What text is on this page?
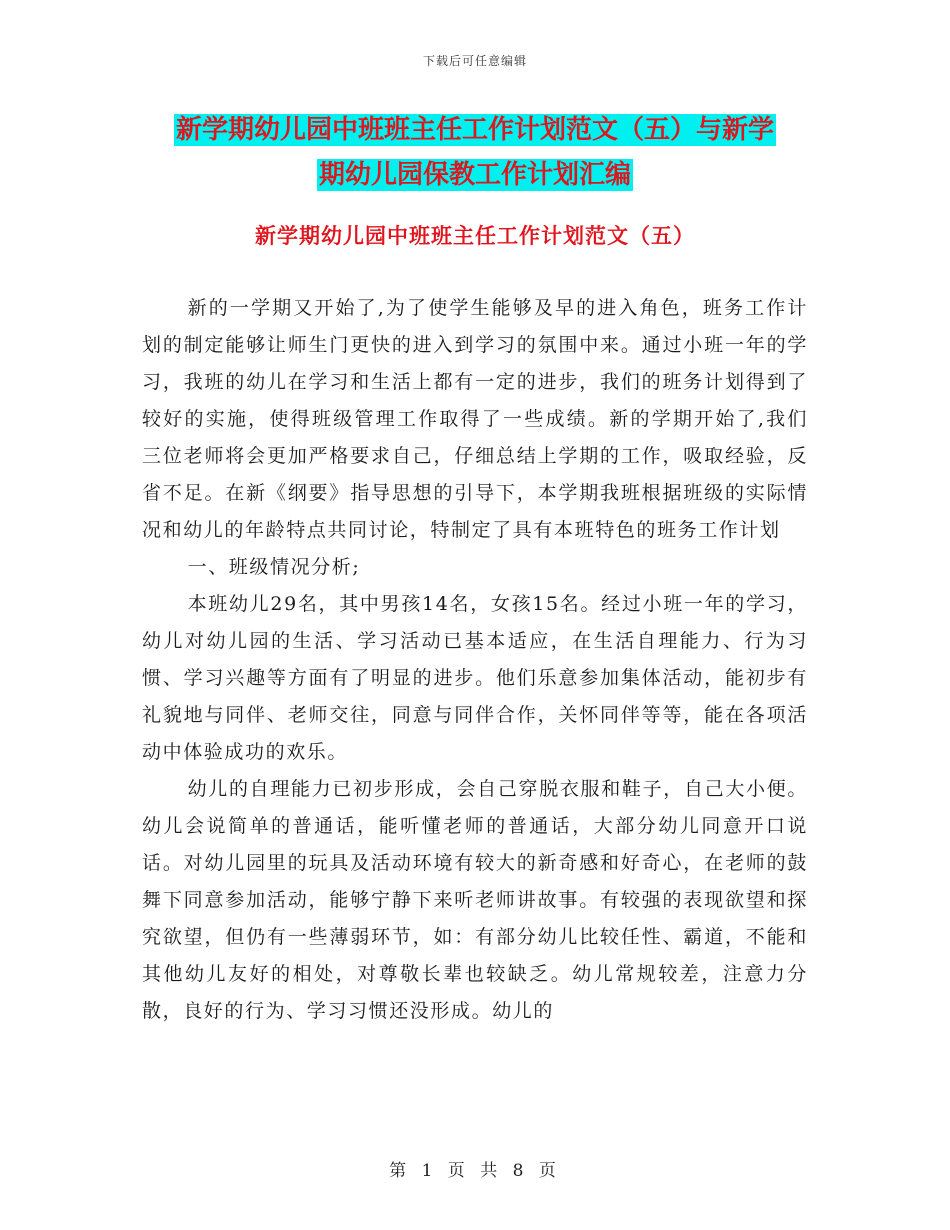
下载后可任意编辑
新学期幼儿园中班班主任工作计划范文（五）与新学
期幼儿园保教工作计划汇编
新学期幼儿园中班班主任工作计划范文（五）

新的一学期又开始了,为了使学生能够及早的进入角色，班务工作计划的制定能够让师生门更快的进入到学习的氛围中来。通过小班一年的学习，我班的幼儿在学习和生活上都有一定的进步，我们的班务计划得到了较好的实施，使得班级管理工作取得了一些成绩。新的学期开始了,我们三位老师将会更加严格要求自己，仔细总结上学期的工作，吸取经验，反省不足。在新《纲要》指导思想的引导下，本学期我班根据班级的实际情况和幼儿的年龄特点共同讨论，特制定了具有本班特色的班务工作计划

一、班级情况分析;

本班幼儿29名，其中男孩14名，女孩15名。经过小班一年的学习，幼儿对幼儿园的生活、学习活动已基本适应，在生活自理能力、行为习惯、学习兴趣等方面有了明显的进步。他们乐意参加集体活动，能初步有礼貌地与同伴、老师交往，同意与同伴合作，关怀同伴等等，能在各项活动中体验成功的欢乐。

幼儿的自理能力已初步形成，会自己穿脱衣服和鞋子，自己大小便。幼儿会说简单的普通话，能听懂老师的普通话，大部分幼儿同意开口说话。对幼儿园里的玩具及活动环境有较大的新奇感和好奇心，在老师的鼓舞下同意参加活动，能够宁静下来听老师讲故事。有较强的表现欲望和探究欲望，但仍有一些薄弱环节，如：有部分幼儿比较任性、霸道，不能和其他幼儿友好的相处，对尊敬长辈也较缺乏。幼儿常规较差，注意力分散，良好的行为、学习习惯还没形成。幼儿的

第 1 页 共 8 页
